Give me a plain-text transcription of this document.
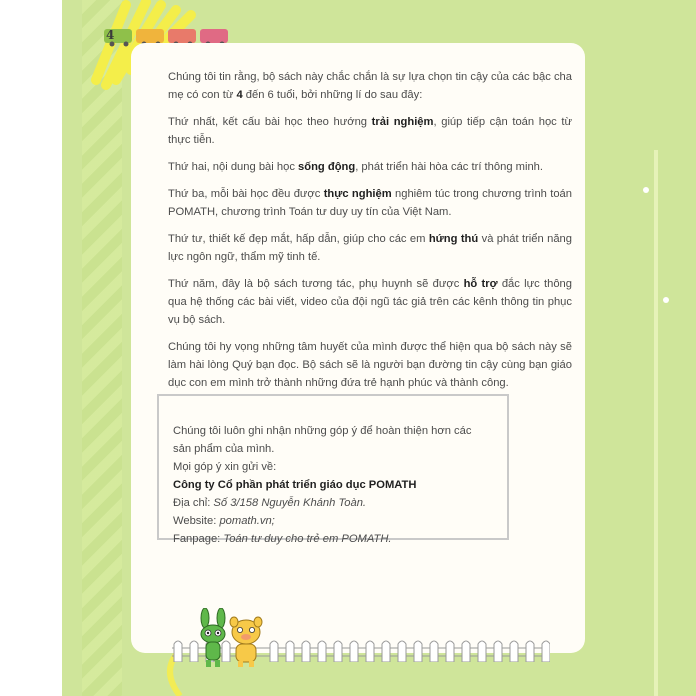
4

Chúng tôi tin rằng, bộ sách này chắc chắn là sự lựa chọn tin cậy của các bậc cha mẹ có con từ 4 đến 6 tuổi, bởi những lí do sau đây:

Thứ nhất, kết cấu bài học theo hướng trải nghiệm, giúp tiếp cận toán học từ thực tiễn.

Thứ hai, nội dung bài học sống động, phát triển hài hòa các trí thông minh.

Thứ ba, mỗi bài học đều được thực nghiệm nghiêm túc trong chương trình toán POMATH, chương trình Toán tư duy uy tín của Việt Nam.

Thứ tư, thiết kế đẹp mắt, hấp dẫn, giúp cho các em hứng thú và phát triển năng lực ngôn ngữ, thẩm mỹ tinh tế.

Thứ năm, đây là bộ sách tương tác, phụ huynh sẽ được hỗ trợ đắc lực thông qua hệ thống các bài viết, video của đội ngũ tác giả trên các kênh thông tin phục vụ bộ sách.

Chúng tôi hy vọng những tâm huyết của mình được thể hiện qua bộ sách này sẽ làm hài lòng Quý bạn đọc. Bộ sách sẽ là người bạn đường tin cậy cùng bạn giáo dục con em mình trở thành những đứa trẻ hạnh phúc và thành công.

Chúng tôi luôn ghi nhận những góp ý để hoàn thiện hơn các
sản phẩm của mình.
Mọi góp ý xin gửi về:
Công ty Cổ phần phát triển giáo dục POMATH
Địa chỉ: Số 3/158 Nguyễn Khánh Toàn.
Website: pomath.vn;
Fanpage: Toán tư duy cho trẻ em POMATH.
